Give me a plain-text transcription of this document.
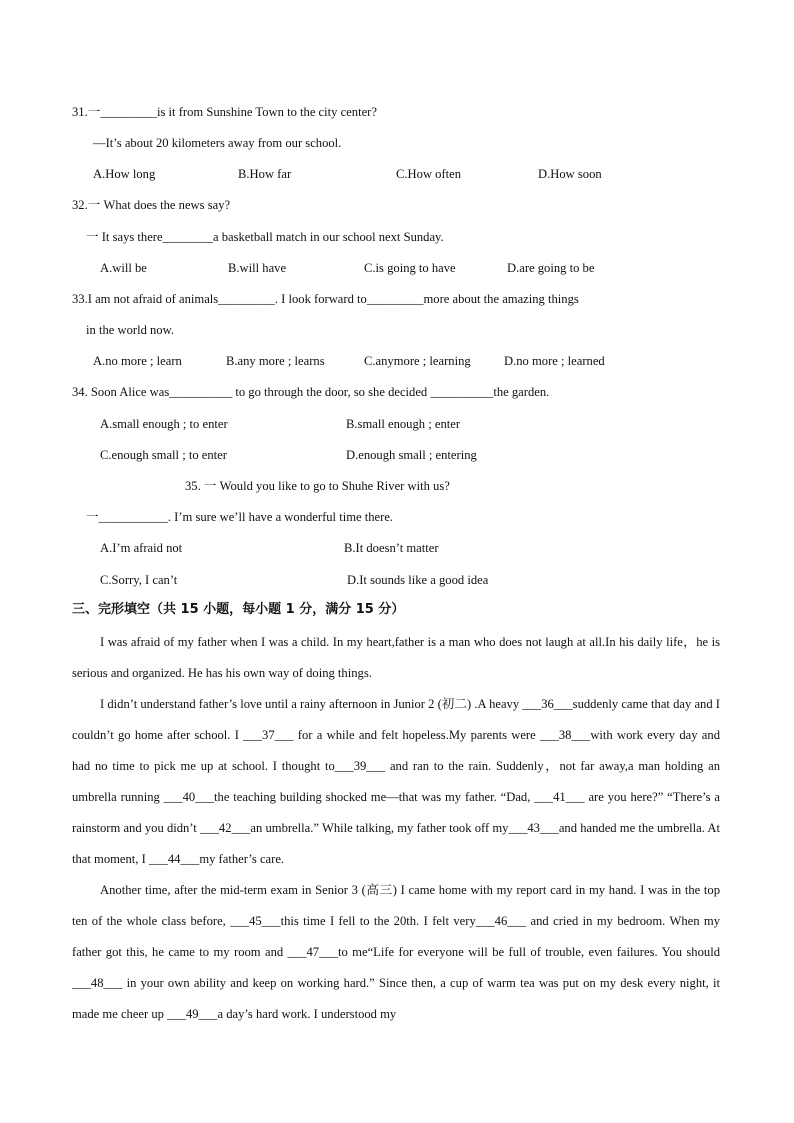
31.一_________is it from Sunshine Town to the city center?
—It’s about 20 kilometers away from our school.
A.How long	B.How far	C.How often	D.How soon
32.一 What does the news say?
一 It says there________a basketball match in our school next Sunday.
A.will be	B.will have	C.is going to have	D.are going to be
33.I am not afraid of animals_________. I look forward to_________more about the amazing things
in the world now.
A.no more ; learn	B.any more ; learns	C.anymore ; learning	D.no more ; learned
34. Soon Alice was__________ to go through the door, so she decided __________the garden.
A.small enough ; to enter	B.small enough ; enter
C.enough small ; to enter	D.enough small ; entering
35. 一 Would you like to go to Shuhe River with us?
一___________. I’m sure we’ll have a wonderful time there.
A.I’m afraid not	B.It doesn’t matter
C.Sorry, I can’t	D.It sounds like a good idea
三、完形填空（共 15 小题，每小题 1 分，满分 15 分）

I was afraid of my father when I was a child. In my heart,father is a man who does not laugh at all.In his daily life，he is serious and organized. He has his own way of doing things.

I didn’t understand father’s love until a rainy afternoon in Junior 2 (初二) .A heavy ___36___suddenly came that day and I couldn’t go home after school. I ___37___ for a while and felt hopeless.My parents were ___38___with work every day and had no time to pick me up at school. I thought to___39___ and ran to the rain. Suddenly，not far away,a man holding an umbrella running ___40___the teaching building shocked me—that was my father. “Dad, ___41___ are you here?” “There’s a rainstorm and you didn’t ___42___an umbrella.” While talking, my father took off my___43___and handed me the umbrella. At that moment, I ___44___my father’s care.

Another time, after the mid-term exam in Senior 3 (高三) I came home with my report card in my hand. I was in the top ten of the whole class before, ___45___this time I fell to the 20th. I felt very___46___ and cried in my bedroom. When my father got this, he came to my room and ___47___to me“Life for everyone will be full of trouble, even failures. You should ___48___ in your own ability and keep on working hard.” Since then, a cup of warm tea was put on my desk every night, it made me cheer up ___49___a day’s hard work. I understood my
